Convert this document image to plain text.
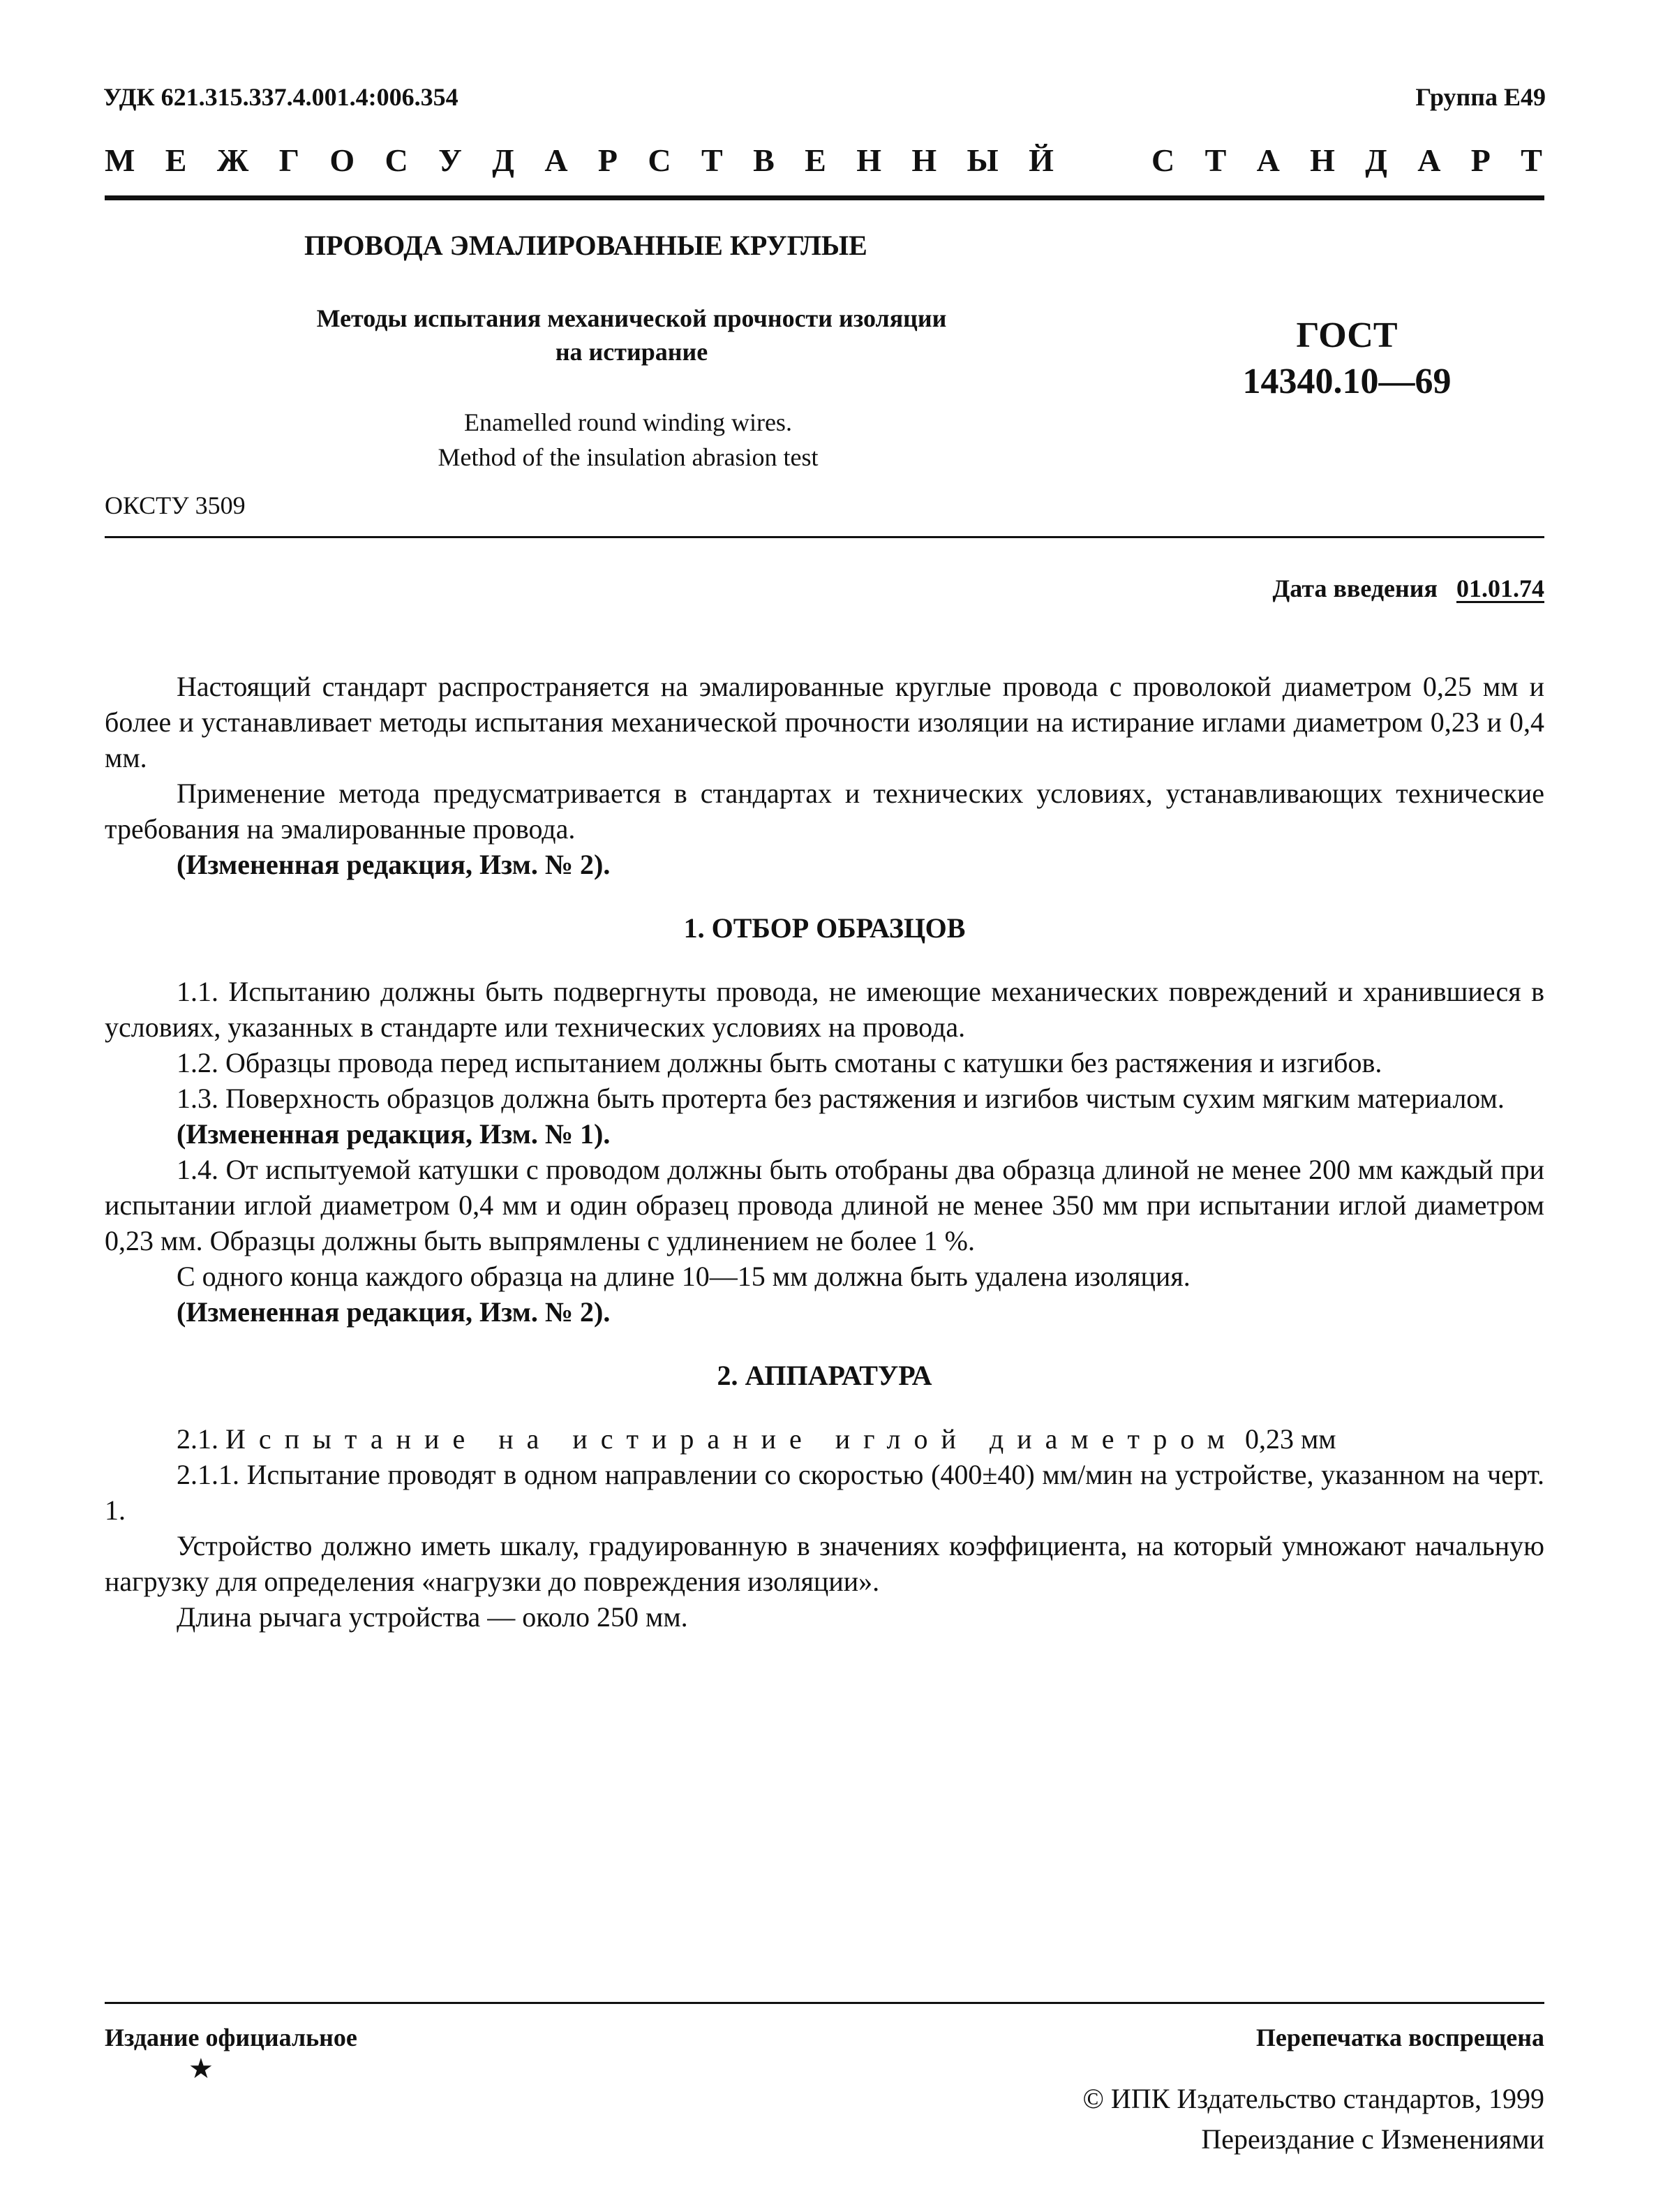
УДК 621.315.337.4.001.4:006.354	Группа Е49
М Е Ж Г О С У Д А Р С Т В Е Н Н Ы Й	С Т А Н Д А Р Т
ПРОВОДА ЭМАЛИРОВАННЫЕ КРУГЛЫЕ
Методы испытания механической прочности изоляции
на истирание
Enamelled round winding wires.
Method of the insulation abrasion test
ГОСТ
14340.10—69
ОКСТУ 3509
Дата введения 01.01.74

Настоящий стандарт распространяется на эмалированные круглые провода с проволокой диаметром 0,25 мм и более и устанавливает методы испытания механической прочности изоляции на истирание иглами диаметром 0,23 и 0,4 мм.

Применение метода предусматривается в стандартах и технических условиях, устанавливающих технические требования на эмалированные провода.

(Измененная редакция, Изм. № 2).

1. ОТБОР ОБРАЗЦОВ

1.1. Испытанию должны быть подвергнуты провода, не имеющие механических повреждений и хранившиеся в условиях, указанных в стандарте или технических условиях на провода.

1.2. Образцы провода перед испытанием должны быть смотаны с катушки без растяжения и изгибов.

1.3. Поверхность образцов должна быть протерта без растяжения и изгибов чистым сухим мягким материалом.

(Измененная редакция, Изм. № 1).

1.4. От испытуемой катушки с проводом должны быть отобраны два образца длиной не менее 200 мм каждый при испытании иглой диаметром 0,4 мм и один образец провода длиной не менее 350 мм при испытании иглой диаметром 0,23 мм. Образцы должны быть выпрямлены с удлинением не более 1 %.

С одного конца каждого образца на длине 10—15 мм должна быть удалена изоляция.

(Измененная редакция, Изм. № 2).

2. АППАРАТУРА

2.1. Испытание на истирание иглой диаметром 0,23 мм

2.1.1. Испытание проводят в одном направлении со скоростью (400±40) мм/мин на устройстве, указанном на черт. 1.

Устройство должно иметь шкалу, градуированную в значениях коэффициента, на который умножают начальную нагрузку для определения «нагрузки до повреждения изоляции».

Длина рычага устройства — около 250 мм.

Издание официальное
★
Перепечатка воспрещена
© ИПК Издательство стандартов, 1999
Переиздание с Изменениями
